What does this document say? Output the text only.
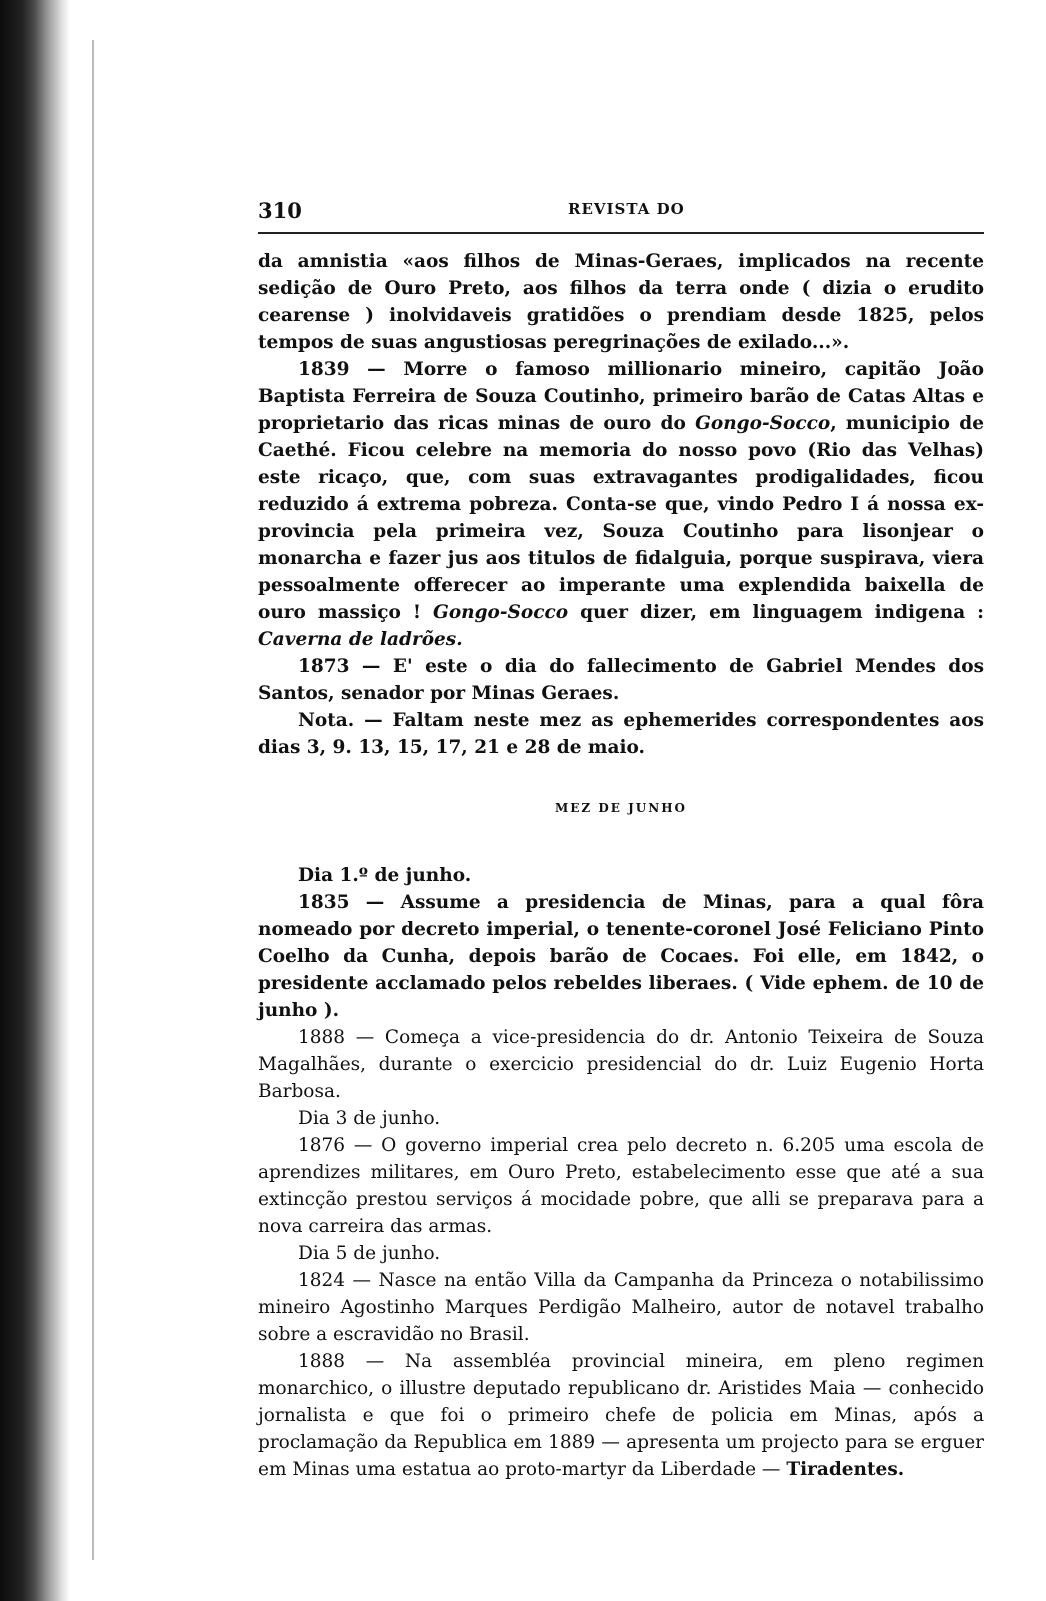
310	REVISTA DO

da amnistia «aos filhos de Minas-Geraes, implicados na recente sedição de Ouro Preto, aos filhos da terra onde ( dizia o erudito cearense ) inolvidaveis gratidões o prendiam desde 1825, pelos tempos de suas angustiosas peregrinações de exilado...».

1839 — Morre o famoso millionario mineiro, capitão João Baptista Ferreira de Souza Coutinho, primeiro barão de Catas Altas e proprietario das ricas minas de ouro do Gongo-Socco, municipio de Caethé. Ficou celebre na memoria do nosso povo (Rio das Velhas) este ricaço, que, com suas extravagantes prodigalidades, ficou reduzido á extrema pobreza. Conta-se que, vindo Pedro I á nossa ex-provincia pela primeira vez, Souza Coutinho para lisonjear o monarcha e fazer jus aos titulos de fidalguia, porque suspirava, viera pessoalmente offerecer ao imperante uma explendida baixella de ouro massiço ! Gongo-Socco quer dizer, em linguagem indigena : Caverna de ladrões.

1873 — E' este o dia do fallecimento de Gabriel Mendes dos Santos, senador por Minas Geraes.

Nota. — Faltam neste mez as ephemerides correspondentes aos dias 3, 9. 13, 15, 17, 21 e 28 de maio.

MEZ DE JUNHO

Dia 1.º de junho.

1835 — Assume a presidencia de Minas, para a qual fôra nomeado por decreto imperial, o tenente-coronel José Feliciano Pinto Coelho da Cunha, depois barão de Cocaes. Foi elle, em 1842, o presidente acclamado pelos rebeldes liberaes. ( Vide ephem. de 10 de junho ).

1888 — Começa a vice-presidencia do dr. Antonio Teixeira de Souza Magalhães, durante o exercicio presidencial do dr. Luiz Eugenio Horta Barbosa.

Dia 3 de junho.

1876 — O governo imperial crea pelo decreto n. 6.205 uma escola de aprendizes militares, em Ouro Preto, estabelecimento esse que até a sua extincção prestou serviços á mocidade pobre, que alli se preparava para a nova carreira das armas.

Dia 5 de junho.

1824 — Nasce na então Villa da Campanha da Princeza o notabilissimo mineiro Agostinho Marques Perdigão Malheiro, autor de notavel trabalho sobre a escravidão no Brasil.

1888 — Na assembléa provincial mineira, em pleno regimen monarchico, o illustre deputado republicano dr. Aristides Maia — conhecido jornalista e que foi o primeiro chefe de policia em Minas, após a proclamação da Republica em 1889 — apresenta um projecto para se erguer em Minas uma estatua ao proto-martyr da Liberdade — Tiradentes.
